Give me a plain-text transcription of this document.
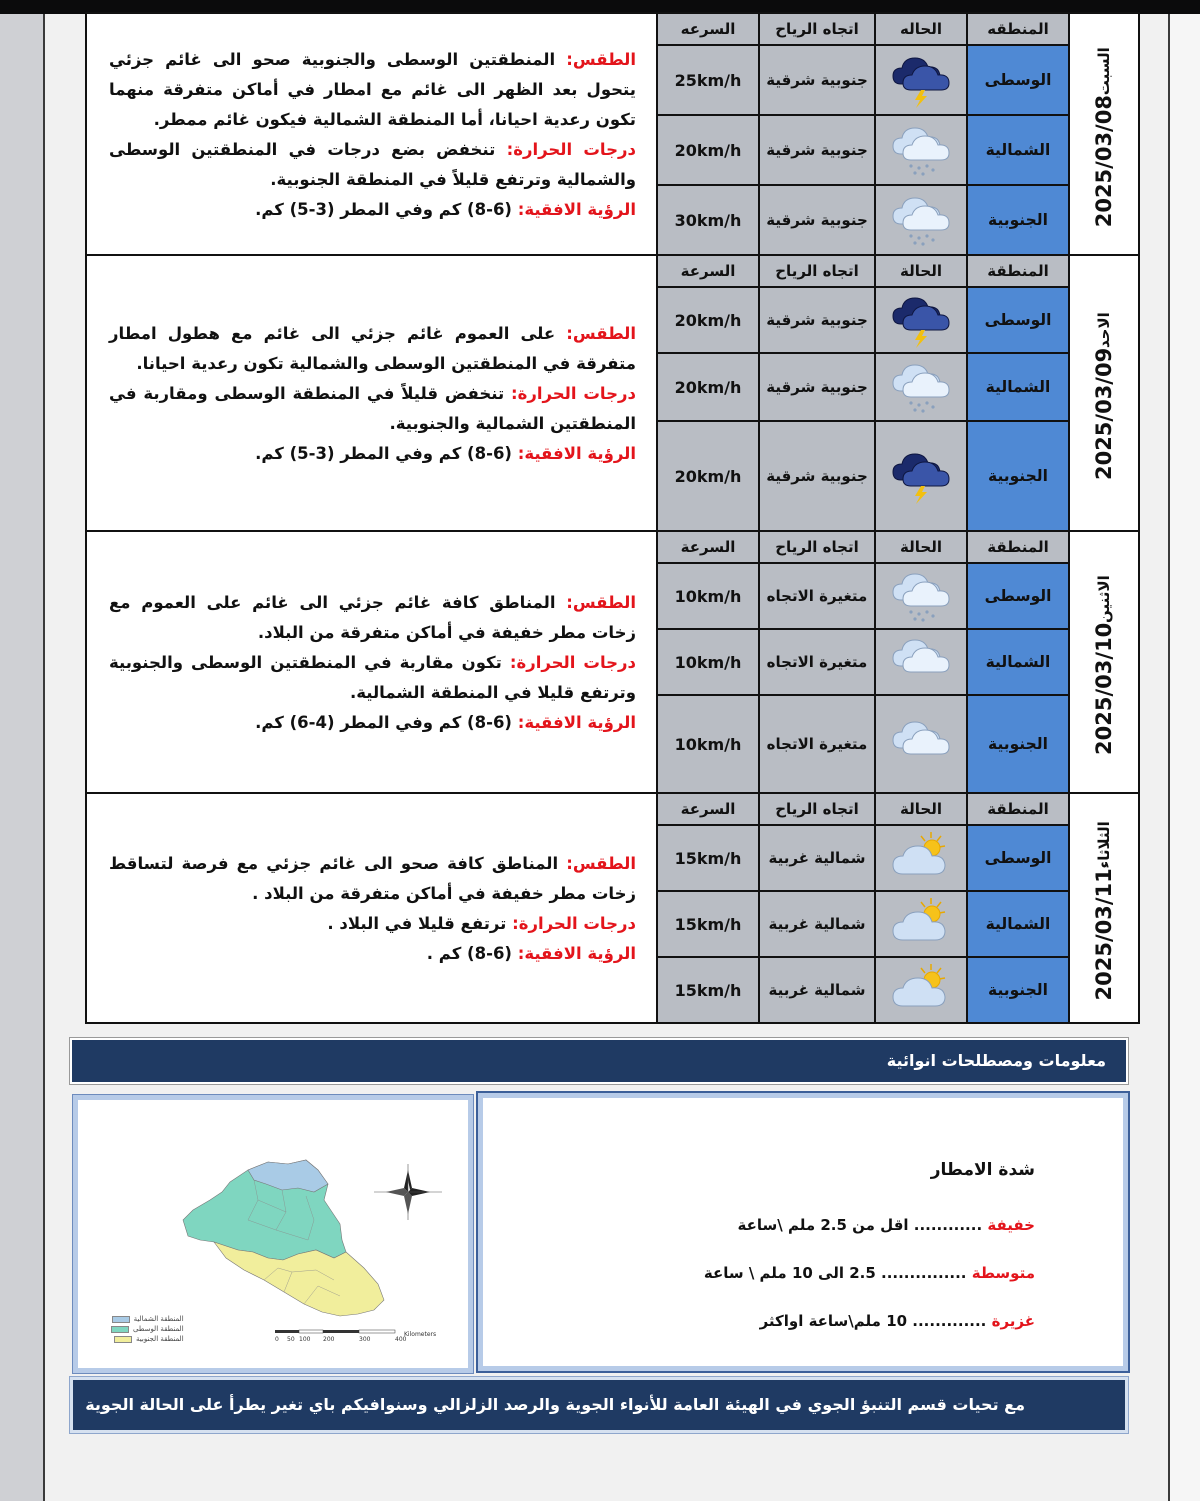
الطقس: المنطقتين الوسطى والجنوبية صحو الى غائم جزئي يتحول بعد الظهر الى غائم مع امطار في أماكن متفرقة منهما تكون رعدية احيانا، أما المنطقة الشمالية فيكون غائم ممطر.
درجات الحرارة: تنخفض بضع درجات في المنطقتين الوسطى والشمالية وترتفع قليلاً في المنطقة الجنوبية.
الرؤية الافقية: (6-8) كم وفي المطر (3-5) كم.	السرعه	اتجاه الرياح	الحاله	المنطقه	2025/03/08السبت
	25km/h	جنوبية شرقية		الوسطى	
	20km/h	جنوبية شرقية		الشمالية	
	30km/h	جنوبية شرقية		الجنوبية	

الطقس: على العموم غائم جزئي الى غائم مع هطول امطار متفرقة في المنطقتين الوسطى والشمالية تكون رعدية احيانا.
درجات الحرارة: تنخفض قليلاً في المنطقة الوسطى ومقاربة في المنطقتين الشمالية والجنوبية.
الرؤية الافقية: (6-8) كم وفي المطر (3-5) كم.	السرعة	اتجاه الرياح	الحالة	المنطقة	2025/03/09الاحد
	20km/h	جنوبية شرقية		الوسطى	
	20km/h	جنوبية شرقية		الشمالية	
	20km/h	جنوبية شرقية		الجنوبية	

الطقس: المناطق كافة غائم جزئي الى غائم على العموم مع زخات مطر خفيفة في أماكن متفرقة من البلاد.
درجات الحرارة: تكون مقاربة في المنطقتين الوسطى والجنوبية وترتفع قليلا في المنطقة الشمالية.
الرؤية الافقية: (6-8) كم وفي المطر (4-6) كم.	السرعة	اتجاه الرياح	الحالة	المنطقة	2025/03/10الاثنين
	10km/h	متغيرة الاتجاه		الوسطى	
	10km/h	متغيرة الاتجاه		الشمالية	
	10km/h	متغيرة الاتجاه		الجنوبية	

الطقس: المناطق كافة صحو الى غائم جزئي مع فرصة لتساقط زخات مطر خفيفة في أماكن متفرقة من البلاد .
درجات الحرارة: ترتفع قليلا في البلاد .
الرؤية الافقية: (6-8) كم .	السرعة	اتجاه الرياح	الحالة	المنطقة	2025/03/11الثلاثاء
	15km/h	شمالية غربية		الوسطى	
	15km/h	شمالية غربية		الشمالية	
	15km/h	شمالية غربية		الجنوبية	
معلومات ومصطلحات انوائية
0 50 100 200	300	400
Kilometers
المنطقة الشمالية
المنطقة الوسطى
المنطقة الجنوبية
شدة الامطار
خفيفة ............ اقل من 2.5 ملم \ساعة
متوسطة ............... 2.5 الى 10 ملم \ ساعة
غزيرة ............. 10 ملم\ساعة اواكثر
مع تحيات قسم التنبؤ الجوي في الهيئة العامة للأنواء الجوية والرصد الزلزالي وسنوافيكم باي تغير يطرأ على الحالة الجوية
